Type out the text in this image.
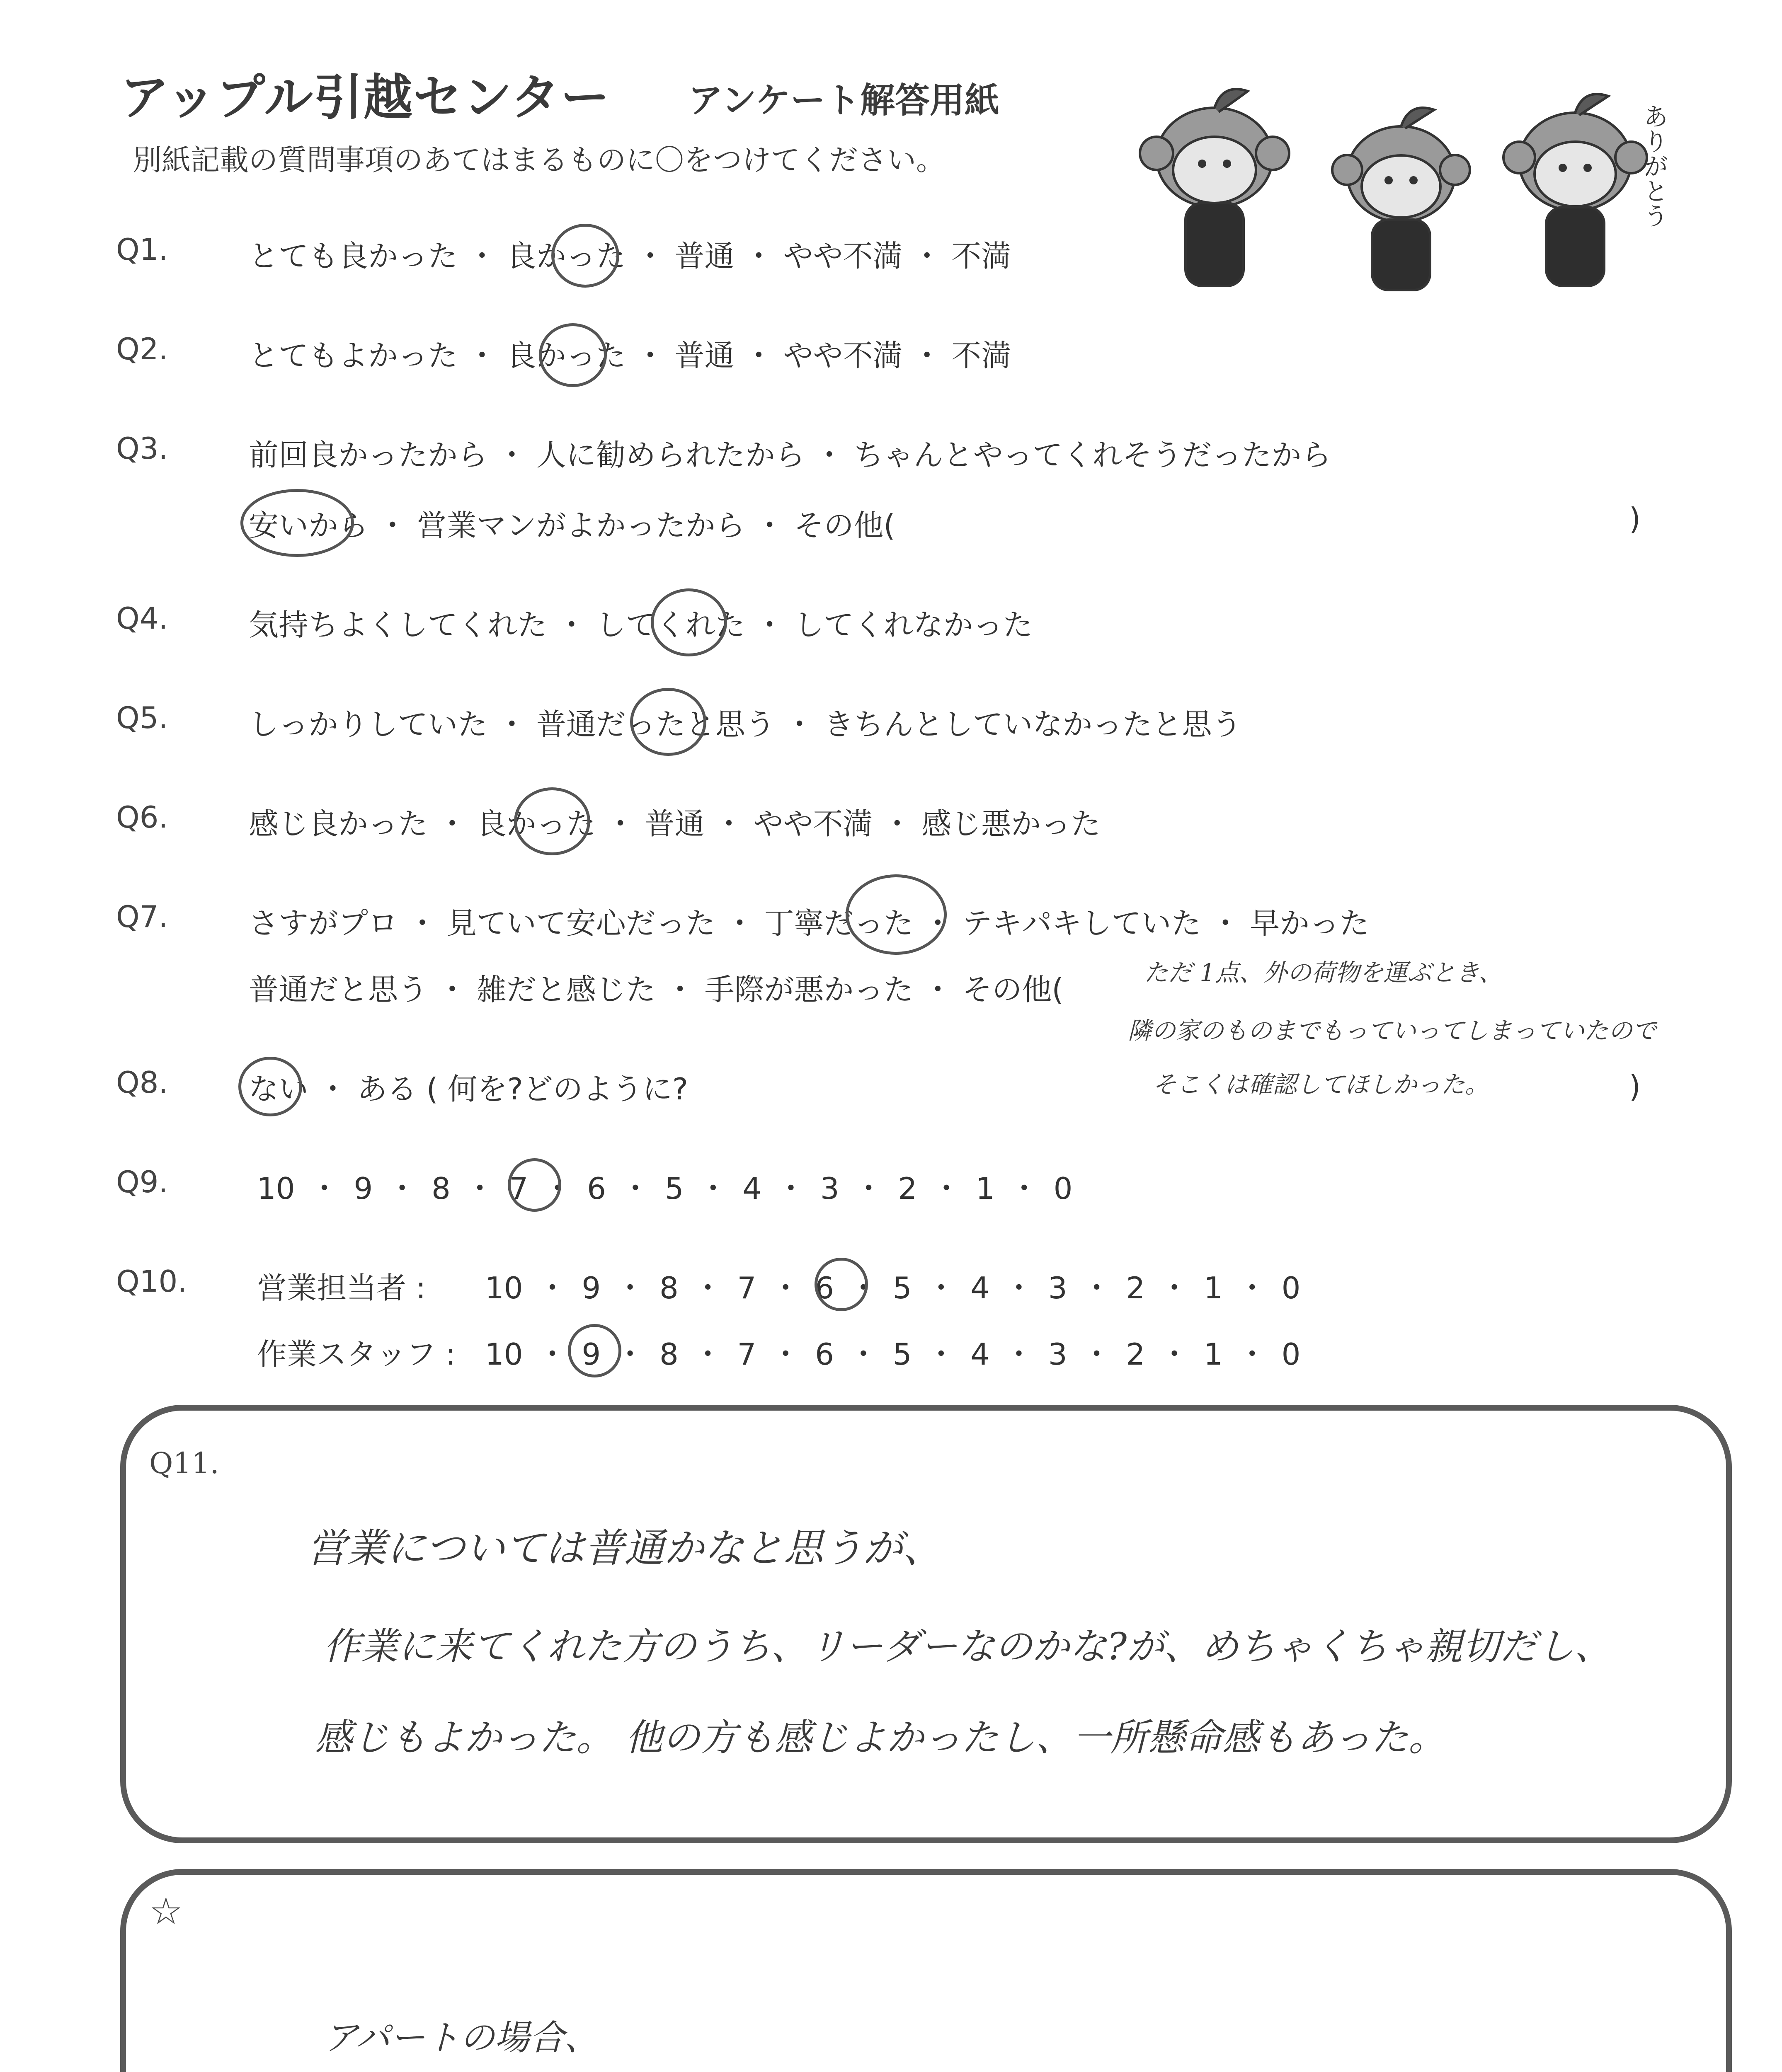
アップル引越センター アンケート解答用紙
別紙記載の質問事項のあてはまるものに〇をつけてください。	ありがとう
Q1.	とても良かった ・ 良かった ・ 普通 ・ やや不満 ・ 不満
Q2.	とてもよかった ・ 良かった ・ 普通 ・ やや不満 ・ 不満
Q3.	前回良かったから ・ 人に勧められたから ・ ちゃんとやってくれそうだったから
安いから ・ 営業マンがよかったから ・ その他(	)
Q4.	気持ちよくしてくれた ・ してくれた ・ してくれなかった
Q5.	しっかりしていた ・ 普通だったと思う ・ きちんとしていなかったと思う
Q6.	感じ良かった ・ 良かった ・ 普通 ・ やや不満 ・ 感じ悪かった
Q7.	さすがプロ ・ 見ていて安心だった ・ 丁寧だった ・ テキパキしていた ・ 早かった
普通だと思う ・ 雑だと感じた ・ 手際が悪かった ・ その他(	ただ 1点、外の荷物を運ぶとき、
隣の家のものまでもっていってしまっていたので
そこくは確認してほしかった。
Q8.	ない ・ ある ( 何を?どのように?	)
Q9.	10 ・ 9 ・ 8 ・ 7 ・ 6 ・ 5 ・ 4 ・ 3 ・ 2 ・ 1 ・ 0
Q10. 営業担当者 : 10 ・ 9 ・ 8 ・ 7 ・ 6 ・ 5 ・ 4 ・ 3 ・ 2 ・ 1 ・ 0
作業スタッフ : 10 ・ 9 ・ 8 ・ 7 ・ 6 ・ 5 ・ 4 ・ 3 ・ 2 ・ 1 ・ 0
Q11.
営業については普通かなと思うが、
作業に来てくれた方のうち、リーダーなのかな?が、めちゃくちゃ親切だし、
感じもよかった。 他の方も感じよかったし、一所懸命感もあった。
☆
アパートの場合、
